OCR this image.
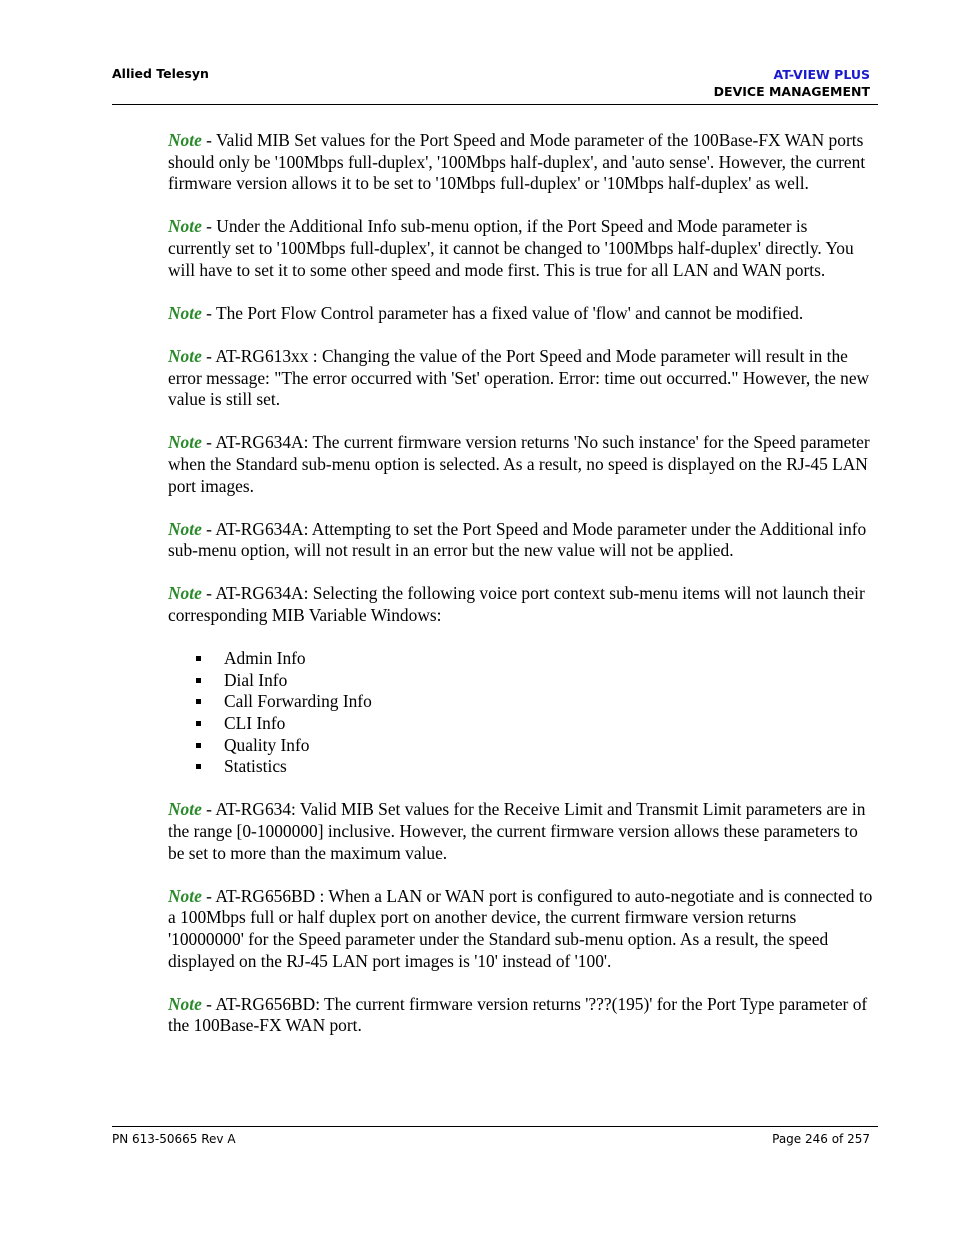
Allied Telesyn	AT-VIEW PLUS
DEVICE MANAGEMENT

Note - Valid MIB Set values for the Port Speed and Mode parameter of the 100Base-FX WAN ports should only be '100Mbps full-duplex', '100Mbps half-duplex', and 'auto sense'. However, the current firmware version allows it to be set to '10Mbps full-duplex' or '10Mbps half-duplex' as well.

Note - Under the Additional Info sub-menu option, if the Port Speed and Mode parameter is currently set to '100Mbps full-duplex', it cannot be changed to '100Mbps half-duplex' directly. You will have to set it to some other speed and mode first. This is true for all LAN and WAN ports.

Note - The Port Flow Control parameter has a fixed value of 'flow' and cannot be modified.

Note - AT-RG613xx : Changing the value of the Port Speed and Mode parameter will result in the error message: "The error occurred with 'Set' operation. Error: time out occurred." However, the new value is still set.

Note - AT-RG634A: The current firmware version returns 'No such instance' for the Speed parameter when the Standard sub-menu option is selected. As a result, no speed is displayed on the RJ-45 LAN port images.

Note - AT-RG634A: Attempting to set the Port Speed and Mode parameter under the Additional info sub-menu option, will not result in an error but the new value will not be applied.

Note - AT-RG634A: Selecting the following voice port context sub-menu items will not launch their corresponding MIB Variable Windows:

Admin Info
Dial Info
Call Forwarding Info
CLI Info
Quality Info
Statistics

Note - AT-RG634: Valid MIB Set values for the Receive Limit and Transmit Limit parameters are in the range [0-1000000] inclusive. However, the current firmware version allows these parameters to be set to more than the maximum value.

Note - AT-RG656BD : When a LAN or WAN port is configured to auto-negotiate and is connected to a 100Mbps full or half duplex port on another device, the current firmware version returns '10000000' for the Speed parameter under the Standard sub-menu option. As a result, the speed displayed on the RJ-45 LAN port images is '10' instead of '100'.

Note - AT-RG656BD: The current firmware version returns '???(195)' for the Port Type parameter of the 100Base-FX WAN port.

PN 613-50665 Rev A	Page 246 of 257
